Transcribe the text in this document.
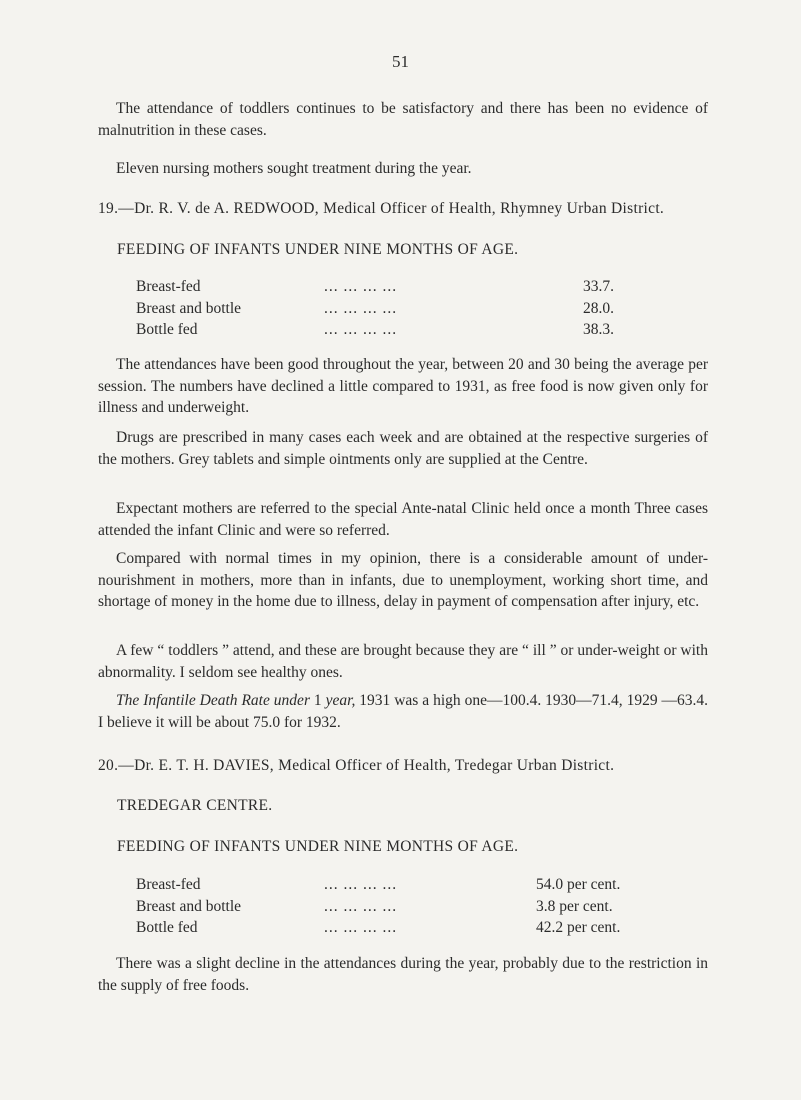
51

The attendance of toddlers continues to be satisfactory and there has been no evidence of malnutrition in these cases.

Eleven nursing mothers sought treatment during the year.

19.—Dr. R. V. de A. REDWOOD, Medical Officer of Health, Rhymney Urban District.

FEEDING OF INFANTS UNDER NINE MONTHS OF AGE.

Breast-fed	... ... ... ...	33.7.
Breast and bottle	... ... ... ...	28.0.
Bottle fed	... ... ... ...	38.3.

The attendances have been good throughout the year, between 20 and 30 being the average per session. The numbers have declined a little compared to 1931, as free food is now given only for illness and underweight.

Drugs are prescribed in many cases each week and are obtained at the respective surgeries of the mothers. Grey tablets and simple ointments only are supplied at the Centre.

Expectant mothers are referred to the special Ante-natal Clinic held once a month Three cases attended the infant Clinic and were so referred.

Compared with normal times in my opinion, there is a considerable amount of under-nourishment in mothers, more than in infants, due to unemployment, working short time, and shortage of money in the home due to illness, delay in payment of compensation after injury, etc.

A few “ toddlers ” attend, and these are brought because they are “ ill ” or under-weight or with abnormality. I seldom see healthy ones.

The Infantile Death Rate under 1 year, 1931 was a high one—100.4. 1930—71.4, 1929 —63.4. I believe it will be about 75.0 for 1932.

20.—Dr. E. T. H. DAVIES, Medical Officer of Health, Tredegar Urban District.

TREDEGAR CENTRE.

FEEDING OF INFANTS UNDER NINE MONTHS OF AGE.

Breast-fed	... ... ... ...	54.0 per cent.
Breast and bottle	... ... ... ...	3.8 per cent.
Bottle fed	... ... ... ...	42.2 per cent.

There was a slight decline in the attendances during the year, probably due to the restriction in the supply of free foods.
